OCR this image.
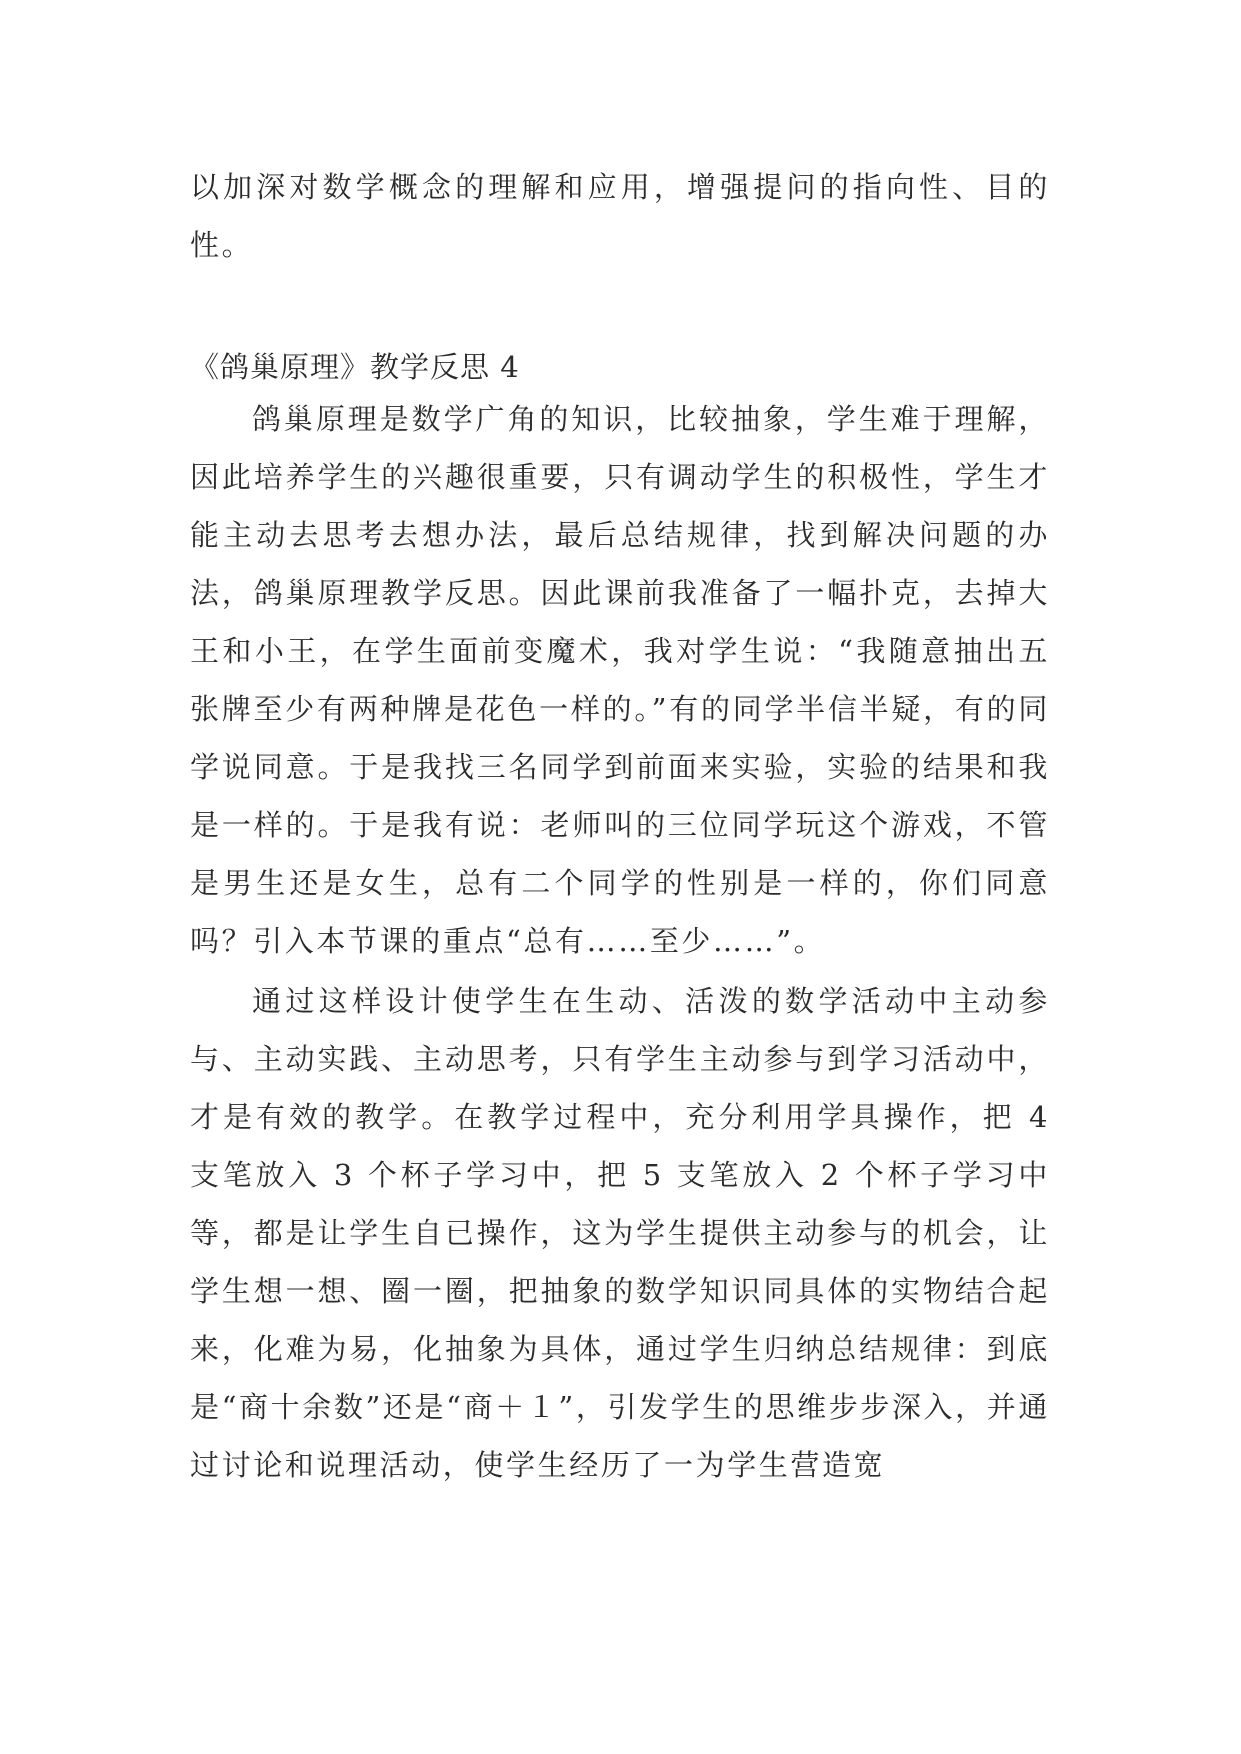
以加深对数学概念的理解和应用，增强提问的指向性、目的性。

《鸽巢原理》教学反思 4

鸽巢原理是数学广角的知识，比较抽象，学生难于理解，因此培养学生的兴趣很重要，只有调动学生的积极性，学生才能主动去思考去想办法，最后总结规律，找到解决问题的办法，鸽巢原理教学反思。因此课前我准备了一幅扑克，去掉大王和小王，在学生面前变魔术，我对学生说：“我随意抽出五张牌至少有两种牌是花色一样的。”有的同学半信半疑，有的同学说同意。于是我找三名同学到前面来实验，实验的结果和我是一样的。于是我有说：老师叫的三位同学玩这个游戏，不管是男生还是女生，总有二个同学的性别是一样的，你们同意吗？引入本节课的重点“总有……至少……”。

通过这样设计使学生在生动、活泼的数学活动中主动参与、主动实践、主动思考，只有学生主动参与到学习活动中，才是有效的教学。在教学过程中，充分利用学具操作，把 4 支笔放入 3 个杯子学习中，把 5 支笔放入 2 个杯子学习中等，都是让学生自已操作，这为学生提供主动参与的机会，让学生想一想、圈一圈，把抽象的数学知识同具体的实物结合起来，化难为易，化抽象为具体，通过学生归纳总结规律：到底是“商十余数”还是“商＋１”，引发学生的思维步步深入，并通过讨论和说理活动，使学生经历了一为学生营造宽
